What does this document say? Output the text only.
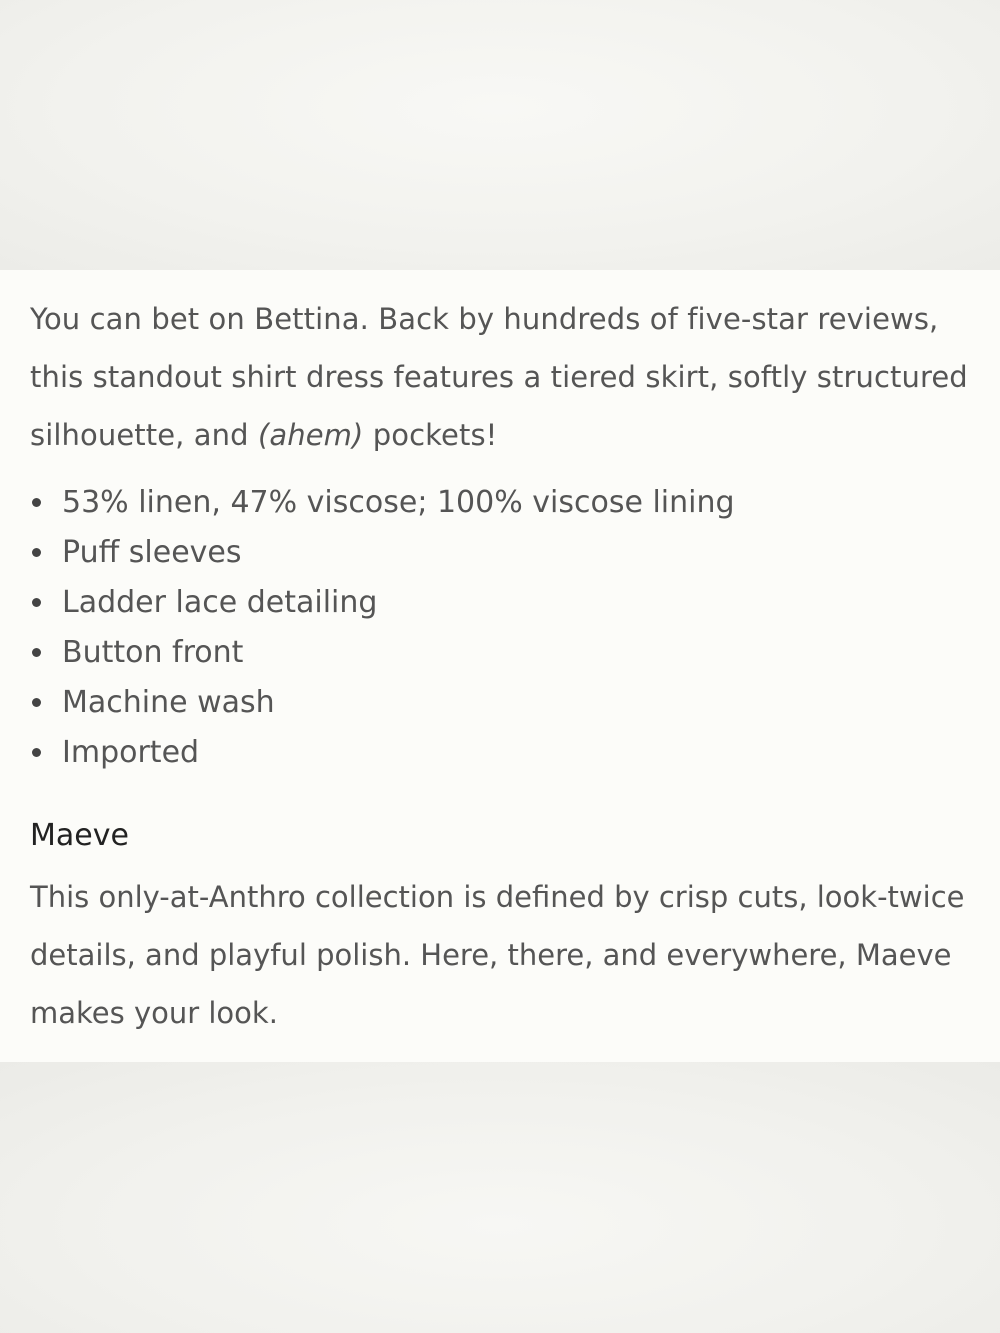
You can bet on Bettina. Back by hundreds of five-star reviews, this standout shirt dress features a tiered skirt, softly structured silhouette, and (ahem) pockets!

53% linen, 47% viscose; 100% viscose lining
Puff sleeves
Ladder lace detailing
Button front
Machine wash
Imported
Maeve

This only-at-Anthro collection is defined by crisp cuts, look-twice details, and playful polish. Here, there, and everywhere, Maeve makes your look.
